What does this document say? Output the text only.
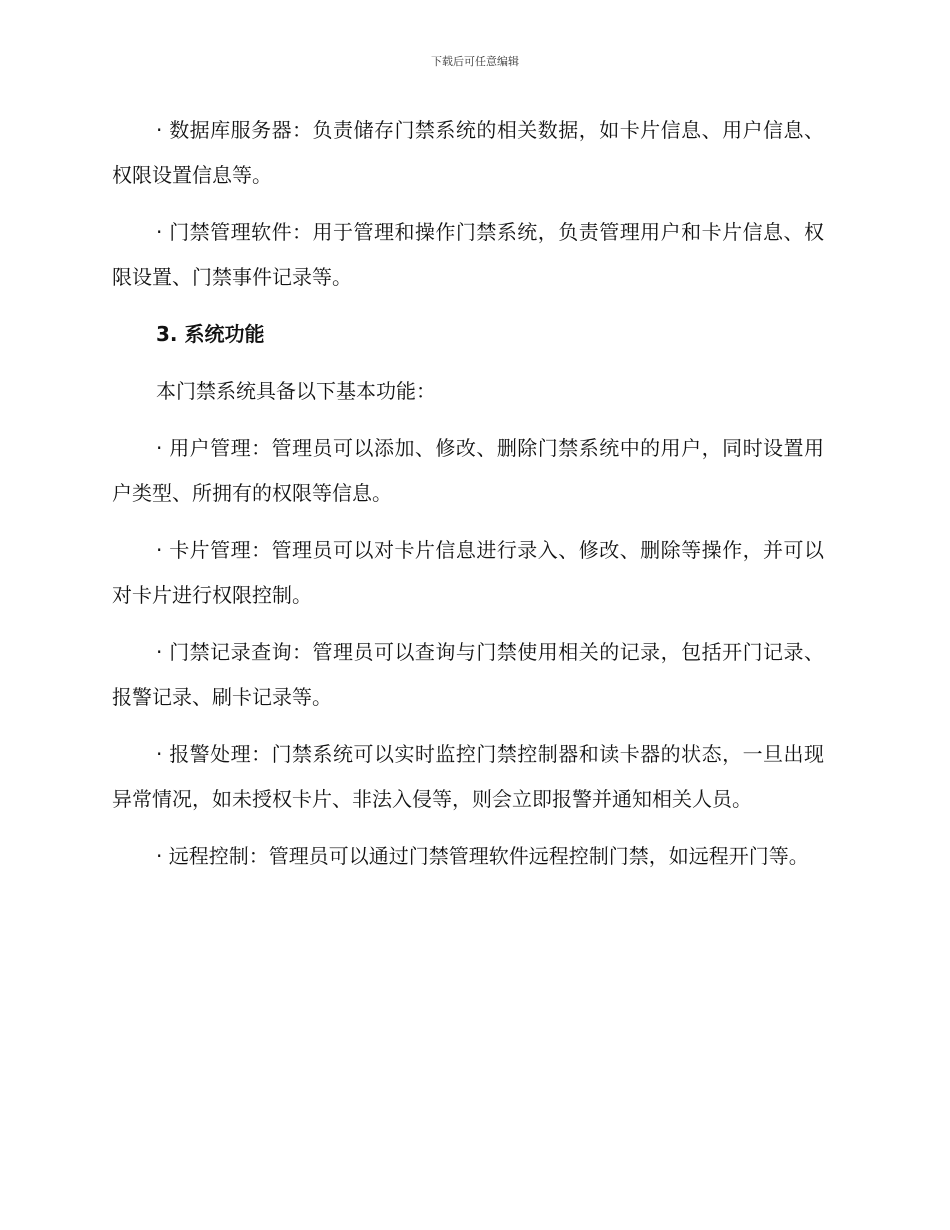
下载后可任意编辑

· 数据库服务器：负责储存门禁系统的相关数据，如卡片信息、用户信息、权限设置信息等。

· 门禁管理软件：用于管理和操作门禁系统，负责管理用户和卡片信息、权限设置、门禁事件记录等。

3. 系统功能

本门禁系统具备以下基本功能：

· 用户管理：管理员可以添加、修改、删除门禁系统中的用户，同时设置用户类型、所拥有的权限等信息。

· 卡片管理：管理员可以对卡片信息进行录入、修改、删除等操作，并可以对卡片进行权限控制。

· 门禁记录查询：管理员可以查询与门禁使用相关的记录，包括开门记录、报警记录、刷卡记录等。

· 报警处理：门禁系统可以实时监控门禁控制器和读卡器的状态，一旦出现异常情况，如未授权卡片、非法入侵等，则会立即报警并通知相关人员。

· 远程控制：管理员可以通过门禁管理软件远程控制门禁，如远程开门等。
